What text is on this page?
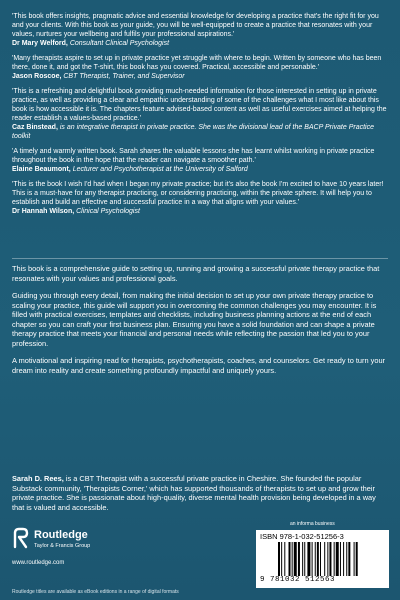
'This book offers insights, pragmatic advice and essential knowledge for developing a practice that's the right fit for you and your clients. With this book as your guide, you will be well-equipped to create a practice that resonates with your values, nurtures your wellbeing and fulfils your professional aspirations.'
Dr Mary Welford, Consultant Clinical Psychologist
'Many therapists aspire to set up in private practice yet struggle with where to begin. Written by someone who has been there, done it, and got the T-shirt, this book has you covered. Practical, accessible and personable.'
Jason Roscoe, CBT Therapist, Trainer, and Supervisor
'This is a refreshing and delightful book providing much-needed information for those interested in setting up in private practice, as well as providing a clear and empathic understanding of some of the challenges what I most like about this book is how accessible it is. The chapters feature advised-based content as well as useful exercises aimed at helping the reader establish a values-based practice.'
Caz Binstead, is an integrative therapist in private practice. She was the divisional lead of the BACP Private Practice toolkit
'A timely and warmly written book. Sarah shares the valuable lessons she has learnt whilst working in private practice throughout the book in the hope that the reader can navigate a smoother path.'
Elaine Beaumont, Lecturer and Psychotherapist at the University of Salford
'This is the book I wish I'd had when I began my private practice; but it's also the book I'm excited to have 10 years later! This is a must-have for any therapist practicing, or considering practicing, within the private sphere. It will help you to establish and build an effective and successful practice in a way that aligns with your values.'
Dr Hannah Wilson, Clinical Psychologist

This book is a comprehensive guide to setting up, running and growing a successful private therapy practice that resonates with your values and professional goals.

Guiding you through every detail, from making the initial decision to set up your own private therapy practice to scaling your practice, this guide will support you in overcoming the common challenges you may encounter. It is filled with practical exercises, templates and checklists, including business planning actions at the end of each chapter so you can craft your first business plan. Ensuring you have a solid foundation and can shape a private therapy practice that meets your financial and personal needs while reflecting the passion that led you to your profession.

A motivational and inspiring read for therapists, psychotherapists, coaches, and counselors. Get ready to turn your dream into reality and create something profoundly impactful and uniquely yours.

Sarah D. Rees, is a CBT Therapist with a successful private practice in Cheshire. She founded the popular Substack community, 'Therapists Corner,' which has supported thousands of therapists to set up and grow their private practice. She is passionate about high-quality, diverse mental health provision being developed in a way that is valued and accessible.
Routledge
Taylor & Francis Group
www.routledge.com
an informa business
ISBN 978-1-032-51256-3
9 781032 512563
Routledge titles are available as eBook editions in a range of digital formats
